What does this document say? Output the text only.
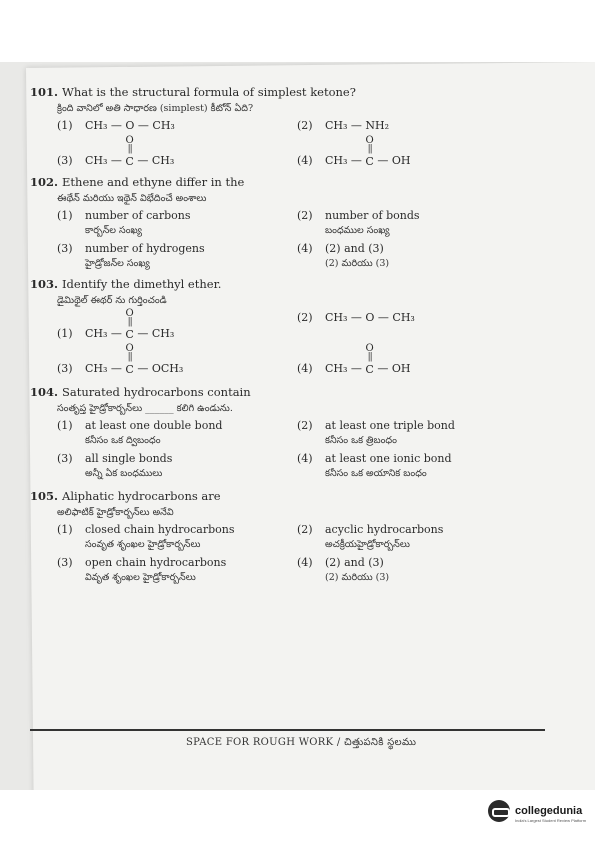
101. What is the structural formula of simplest ketone?
క్రింది వానిలో అతి సాధారణ (simplest) కీటోన్ ఏది?
(1)	CH₃ — O — CH₃	(2)	CH₃ — NH₂
(3)	CH₃ —
O
||
C — CH₃	(4)	CH₃ —
O
||
C — OH
102. Ethene and ethyne differ in the
ఈథేన్ మరియు ఇథైన్ విభేదించే అంశాలు
(1)	number of carbons
కార్బన్‌ల సంఖ్య
(2)	number of bonds
బంధముల సంఖ్య
(3)	number of hydrogens
హైడ్రోజన్‌ల సంఖ్య
(4)	(2) and (3)
(2) మరియు (3)
103. Identify the dimethyl ether.
డైమిథైల్ ఈథర్ ను గుర్తించండి
(1)	CH₃ —
O
||
C — CH₃
(2)	CH₃ — O — CH₃
(3)	CH₃ —
O
||
C — OCH₃	(4)	CH₃ —
O
||
C — OH
104. Saturated hydrocarbons contain
సంతృప్త హైడ్రోకార్బన్‌లు ______ కలిగి ఉండును.
(1)	at least one double bond
కనీసం ఒక ద్విబంధం
(2)	at least one triple bond
కనీసం ఒక త్రిబంధం
(3)	all single bonds
అన్నీ ఏక బంధములు
(4)	at least one ionic bond
కనీసం ఒక అయానిక బంధం
105. Aliphatic hydrocarbons are
అలిఫాటిక్ హైడ్రోకార్బన్‌లు అనేవి
(1)	closed chain hydrocarbons
సంవృత శృంఖల హైడ్రోకార్బన్‌లు
(2)	acyclic hydrocarbons
అచక్రీయహైడ్రోకార్బన్‌లు
(3)	open chain hydrocarbons
వివృత శృంఖల హైడ్రోకార్బన్‌లు
(4)	(2) and (3)
(2) మరియు (3)
SPACE FOR ROUGH WORK / చిత్తుపనికి స్థలము
collegedunia
India's Largest Student Review Platform
